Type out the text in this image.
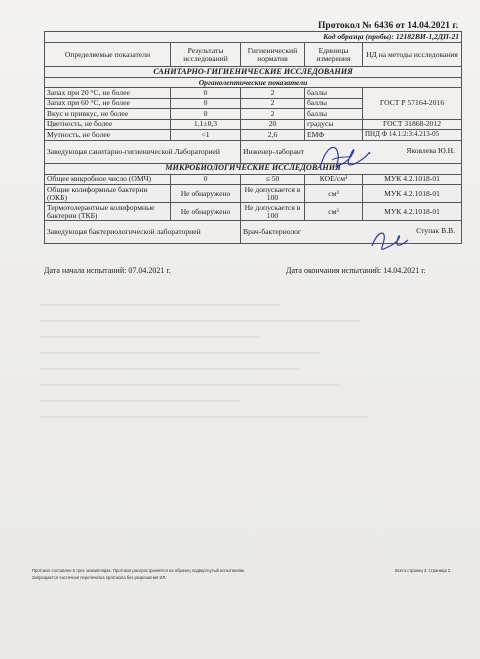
Протокол № 6436 от 14.04.2021 г.
Код образца (пробы): 12182ВИ-1,2ДП-21				
Определяемые показатели	Результаты исследований	Гигиенический норматив	Единицы измерения	НД на методы исследования
САНИТАРНО-ГИГИЕНИЧЕСКИЕ ИССЛЕДОВАНИЯ				
Органолептические показатели				
Запах при 20 °С, не более	0	2	баллы	ГОСТ Р 57164-2016
Запах при 60 °С, не более	0	2	баллы	
Вкус и привкус, не более	0	2	баллы	
Цветность, не более	1,1±0,3	20	градусы	ГОСТ 31868-2012
Мутность, не более	<1	2,6	ЕМФ	ПНД Ф 14.1:2:3:4.213-05
Заведующая санитарно-гигиенической Лабораторией		Инженер-лаборант Яковлева Ю.Н.		

МИКРОБИОЛОГИЧЕСКИЕ ИССЛЕДОВАНИЯ				
Общее микробное число (ОМЧ)	0	≤ 50	КОЕ/см³	МУК 4.2.1018-01
Общие колиформные бактерии (ОКБ)	Не обнаружено	Не допускается в 100	см³	МУК 4.2.1018-01
Термотолерантные колиформные бактерии (ТКБ)	Не обнаружено	Не допускается в 100	см³	МУК 4.2.1018-01
Заведующая бактериологической лабораторией		Врач-бактериолог Ступак В.В.		
Дата начала испытаний: 07.04.2021 г.	Дата окончания испытаний: 14.04.2021 г.
Протокол составлен в трех экземплярах. Протокол распространяется на образец подвергнутый испытаниям.
Запрещается частичная перепечатка протокола без разрешения ИЛ.
Всего страниц 2; страница 2.
